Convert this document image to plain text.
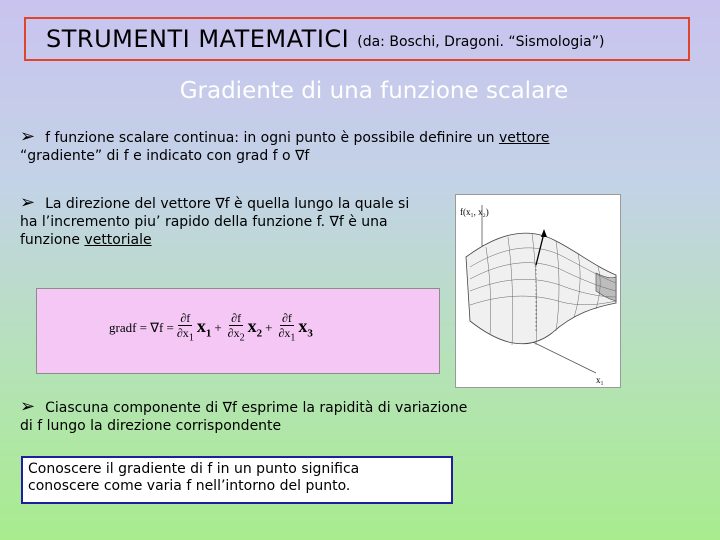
STRUMENTI MATEMATICI (da: Boschi, Dragoni. “Sismologia”)
Gradiente di una funzione scalare
➢ f funzione scalare continua: in ogni punto è possibile definire un vettore
“gradiente” di f e indicato con grad f o ∇f
➢ La direzione del vettore ∇f è quella lungo la quale si
ha l’incremento piu’ rapido della funzione f. ∇f è una
funzione vettoriale
gradf = $\nabla f = \frac{\partial f}{\partial x_1} x_1 + \frac{\partial f}{\partial x_2} x_2 + \frac{\partial f}{\partial x_1} x_3$
f(x₁, x₂)
x₁
➢ Ciascuna componente di ∇f esprime la rapidità di variazione
di f lungo la direzione corrispondente
Conoscere il gradiente di f in un punto significa
conoscere come varia f nell’intorno del punto.
